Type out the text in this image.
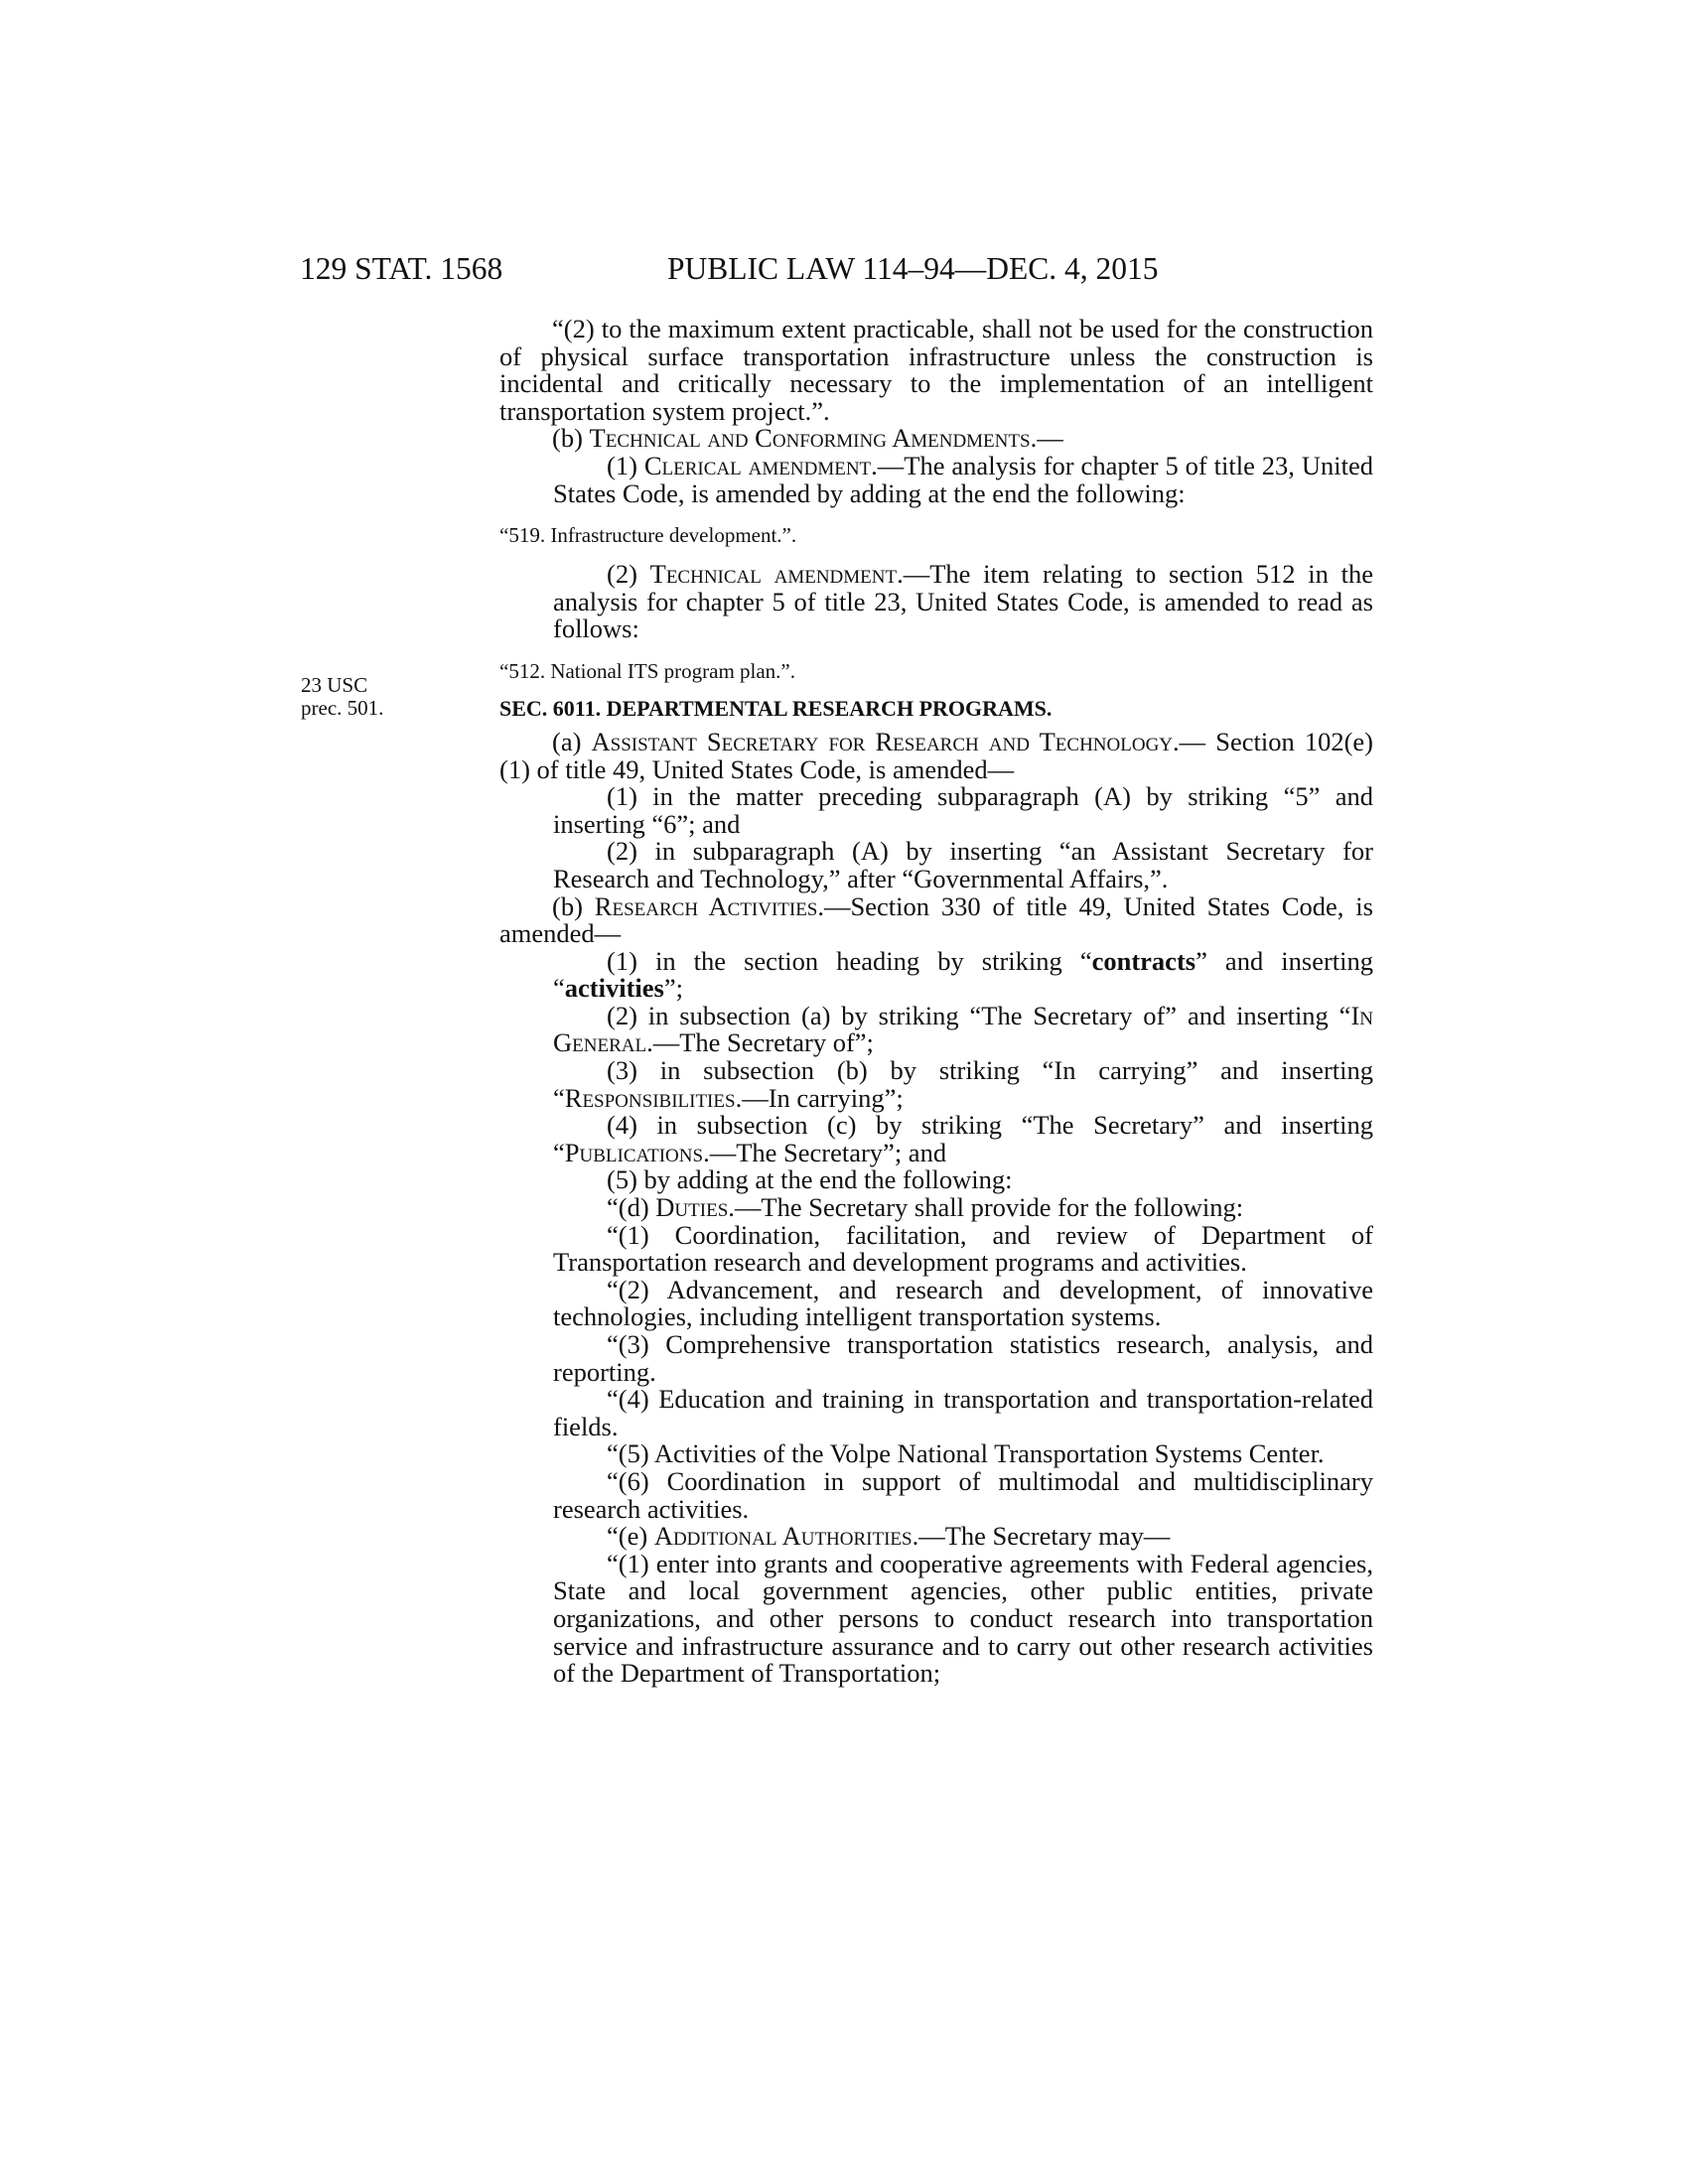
129 STAT. 1568	PUBLIC LAW 114–94—DEC. 4, 2015
23 USC
prec. 501.

“(2) to the maximum extent practicable, shall not be used for the construction of physical surface transportation infrastructure unless the construction is incidental and critically necessary to the implementation of an intelligent transportation system project.”.

(b) Technical and Conforming Amendments.—

(1) Clerical amendment.—The analysis for chapter 5 of title 23, United States Code, is amended by adding at the end the following:

“519. Infrastructure development.”.

(2) Technical amendment.—The item relating to section 512 in the analysis for chapter 5 of title 23, United States Code, is amended to read as follows:

“512. National ITS program plan.”.
SEC. 6011. DEPARTMENTAL RESEARCH PROGRAMS.

(a) Assistant Secretary for Research and Technology.— Section 102(e)(1) of title 49, United States Code, is amended—

(1) in the matter preceding subparagraph (A) by striking “5” and inserting “6”; and

(2) in subparagraph (A) by inserting “an Assistant Secretary for Research and Technology,” after “Governmental Affairs,”.

(b) Research Activities.—Section 330 of title 49, United States Code, is amended—

(1) in the section heading by striking “contracts” and inserting “activities”;

(2) in subsection (a) by striking “The Secretary of” and inserting “In General.—The Secretary of”;

(3) in subsection (b) by striking “In carrying” and inserting “Responsibilities.—In carrying”;

(4) in subsection (c) by striking “The Secretary” and inserting “Publications.—The Secretary”; and

(5) by adding at the end the following:

“(d) Duties.—The Secretary shall provide for the following:

“(1) Coordination, facilitation, and review of Department of Transportation research and development programs and activities.

“(2) Advancement, and research and development, of innovative technologies, including intelligent transportation systems.

“(3) Comprehensive transportation statistics research, analysis, and reporting.

“(4) Education and training in transportation and transportation-related fields.

“(5) Activities of the Volpe National Transportation Systems Center.

“(6) Coordination in support of multimodal and multidisciplinary research activities.

“(e) Additional Authorities.—The Secretary may—

“(1) enter into grants and cooperative agreements with Federal agencies, State and local government agencies, other public entities, private organizations, and other persons to conduct research into transportation service and infrastructure assurance and to carry out other research activities of the Department of Transportation;
